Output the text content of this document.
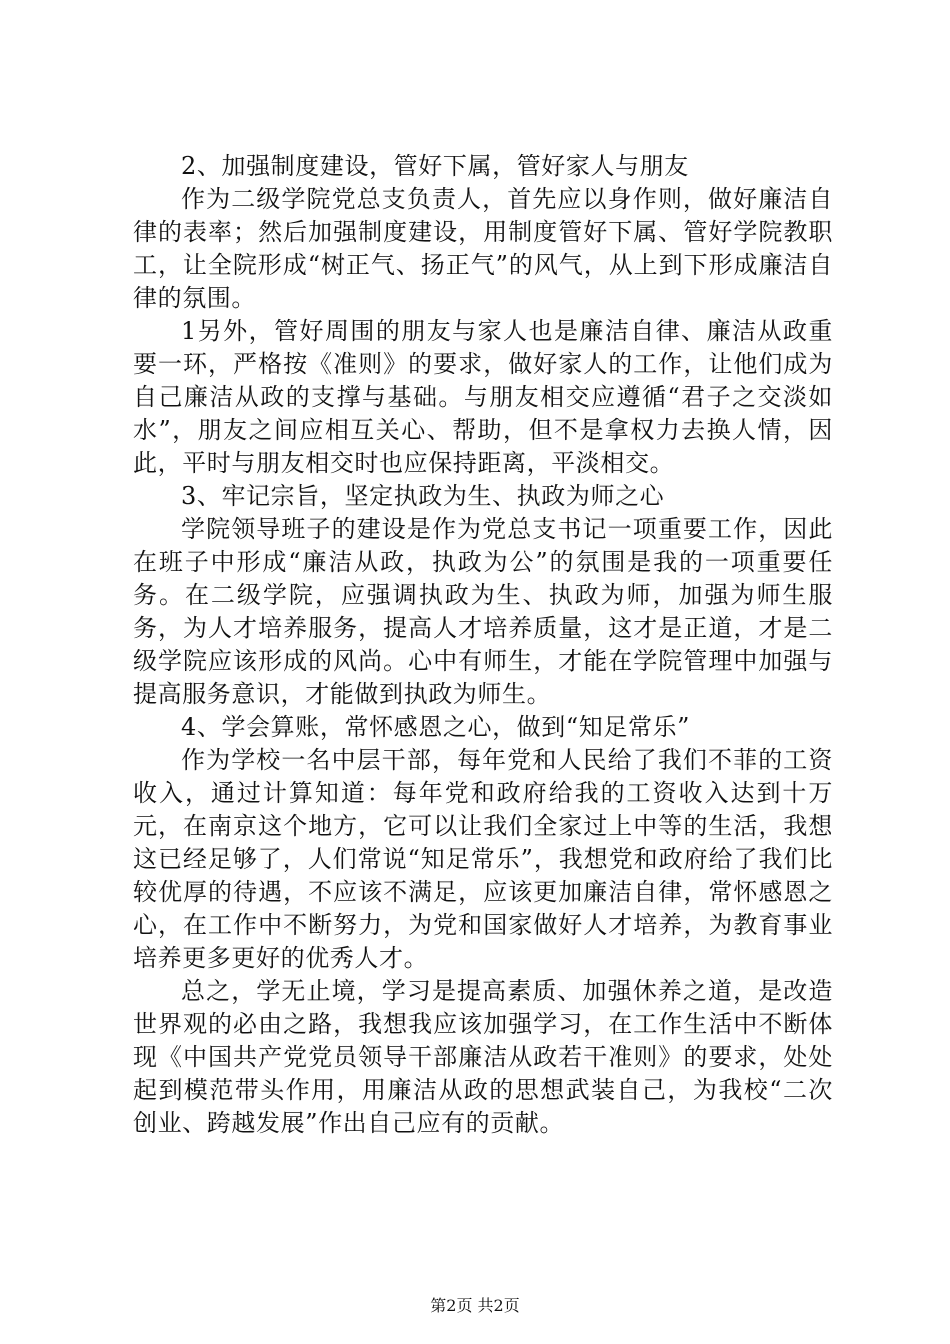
2、加强制度建设，管好下属，管好家人与朋友

作为二级学院党总支负责人，首先应以身作则，做好廉洁自律的表率；然后加强制度建设，用制度管好下属、管好学院教职工，让全院形成“树正气、扬正气”的风气，从上到下形成廉洁自律的氛围。

1另外，管好周围的朋友与家人也是廉洁自律、廉洁从政重要一环，严格按《准则》的要求，做好家人的工作，让他们成为自己廉洁从政的支撑与基础。与朋友相交应遵循“君子之交淡如水”，朋友之间应相互关心、帮助，但不是拿权力去换人情，因此，平时与朋友相交时也应保持距离，平淡相交。

3、牢记宗旨，坚定执政为生、执政为师之心

学院领导班子的建设是作为党总支书记一项重要工作，因此在班子中形成“廉洁从政，执政为公”的氛围是我的一项重要任务。在二级学院，应强调执政为生、执政为师，加强为师生服务，为人才培养服务，提高人才培养质量，这才是正道，才是二级学院应该形成的风尚。心中有师生，才能在学院管理中加强与提高服务意识，才能做到执政为师生。

4、学会算账，常怀感恩之心，做到“知足常乐”

作为学校一名中层干部，每年党和人民给了我们不菲的工资收入，通过计算知道：每年党和政府给我的工资收入达到十万元，在南京这个地方，它可以让我们全家过上中等的生活，我想这已经足够了，人们常说“知足常乐”，我想党和政府给了我们比较优厚的待遇，不应该不满足，应该更加廉洁自律，常怀感恩之心，在工作中不断努力，为党和国家做好人才培养，为教育事业培养更多更好的优秀人才。

总之，学无止境，学习是提高素质、加强休养之道，是改造世界观的必由之路，我想我应该加强学习，在工作生活中不断体现《中国共产党党员领导干部廉洁从政若干准则》的要求，处处起到模范带头作用，用廉洁从政的思想武装自己，为我校“二次创业、跨越发展”作出自己应有的贡献。

第2页 共2页
